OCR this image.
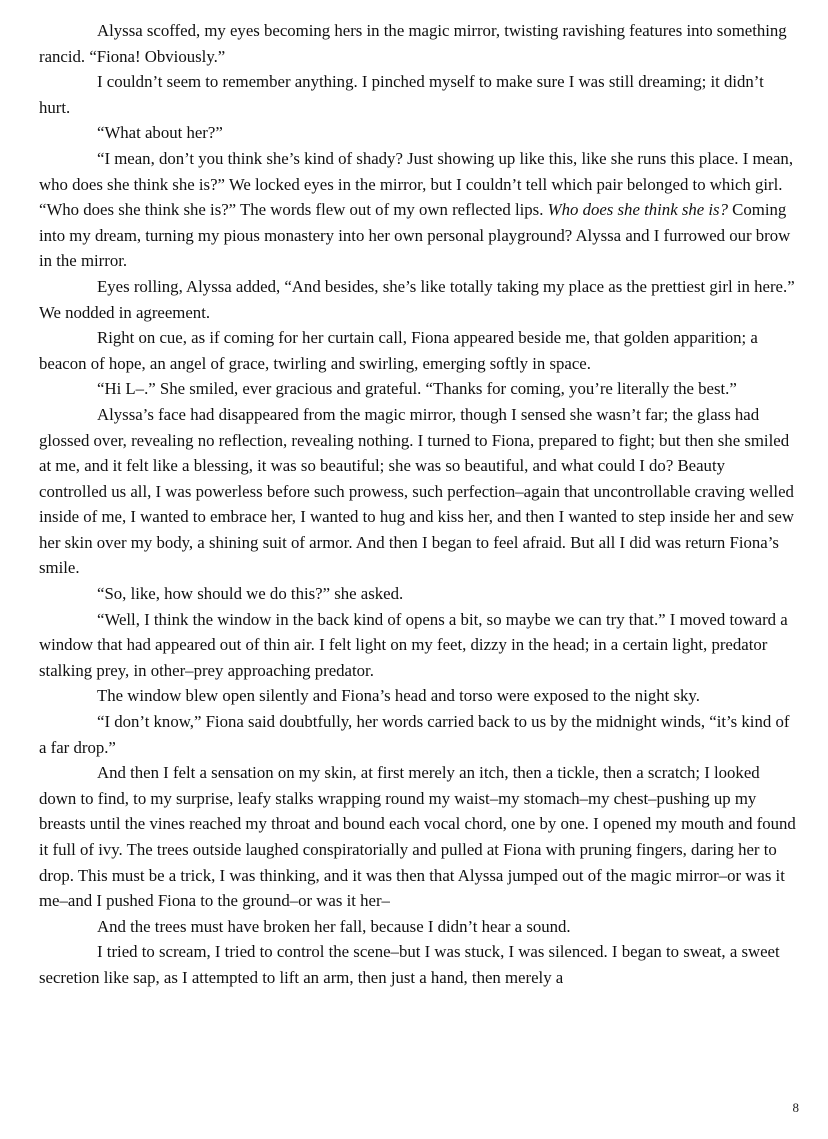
Alyssa scoffed, my eyes becoming hers in the magic mirror, twisting ravishing features into something rancid. “Fiona! Obviously.”

I couldn’t seem to remember anything. I pinched myself to make sure I was still dreaming; it didn’t hurt.

“What about her?”

“I mean, don’t you think she’s kind of shady? Just showing up like this, like she runs this place. I mean, who does she think she is?” We locked eyes in the mirror, but I couldn’t tell which pair belonged to which girl. “Who does she think she is?” The words flew out of my own reflected lips. Who does she think she is? Coming into my dream, turning my pious monastery into her own personal playground? Alyssa and I furrowed our brow in the mirror.

Eyes rolling, Alyssa added, “And besides, she’s like totally taking my place as the prettiest girl in here.” We nodded in agreement.

Right on cue, as if coming for her curtain call, Fiona appeared beside me, that golden apparition; a beacon of hope, an angel of grace, twirling and swirling, emerging softly in space.

“Hi L–.” She smiled, ever gracious and grateful. “Thanks for coming, you’re literally the best.”

Alyssa’s face had disappeared from the magic mirror, though I sensed she wasn’t far; the glass had glossed over, revealing no reflection, revealing nothing. I turned to Fiona, prepared to fight; but then she smiled at me, and it felt like a blessing, it was so beautiful; she was so beautiful, and what could I do? Beauty controlled us all, I was powerless before such prowess, such perfection–again that uncontrollable craving welled inside of me, I wanted to embrace her, I wanted to hug and kiss her, and then I wanted to step inside her and sew her skin over my body, a shining suit of armor. And then I began to feel afraid. But all I did was return Fiona’s smile.

“So, like, how should we do this?” she asked.

“Well, I think the window in the back kind of opens a bit, so maybe we can try that.” I moved toward a window that had appeared out of thin air. I felt light on my feet, dizzy in the head; in a certain light, predator stalking prey, in other–prey approaching predator.

The window blew open silently and Fiona’s head and torso were exposed to the night sky.

“I don’t know,” Fiona said doubtfully, her words carried back to us by the midnight winds, “it’s kind of a far drop.”

And then I felt a sensation on my skin, at first merely an itch, then a tickle, then a scratch; I looked down to find, to my surprise, leafy stalks wrapping round my waist–my stomach–my chest–pushing up my breasts until the vines reached my throat and bound each vocal chord, one by one. I opened my mouth and found it full of ivy. The trees outside laughed conspiratorially and pulled at Fiona with pruning fingers, daring her to drop. This must be a trick, I was thinking, and it was then that Alyssa jumped out of the magic mirror–or was it me–and I pushed Fiona to the ground–or was it her–

And the trees must have broken her fall, because I didn’t hear a sound.

I tried to scream, I tried to control the scene–but I was stuck, I was silenced. I began to sweat, a sweet secretion like sap, as I attempted to lift an arm, then just a hand, then merely a

8
